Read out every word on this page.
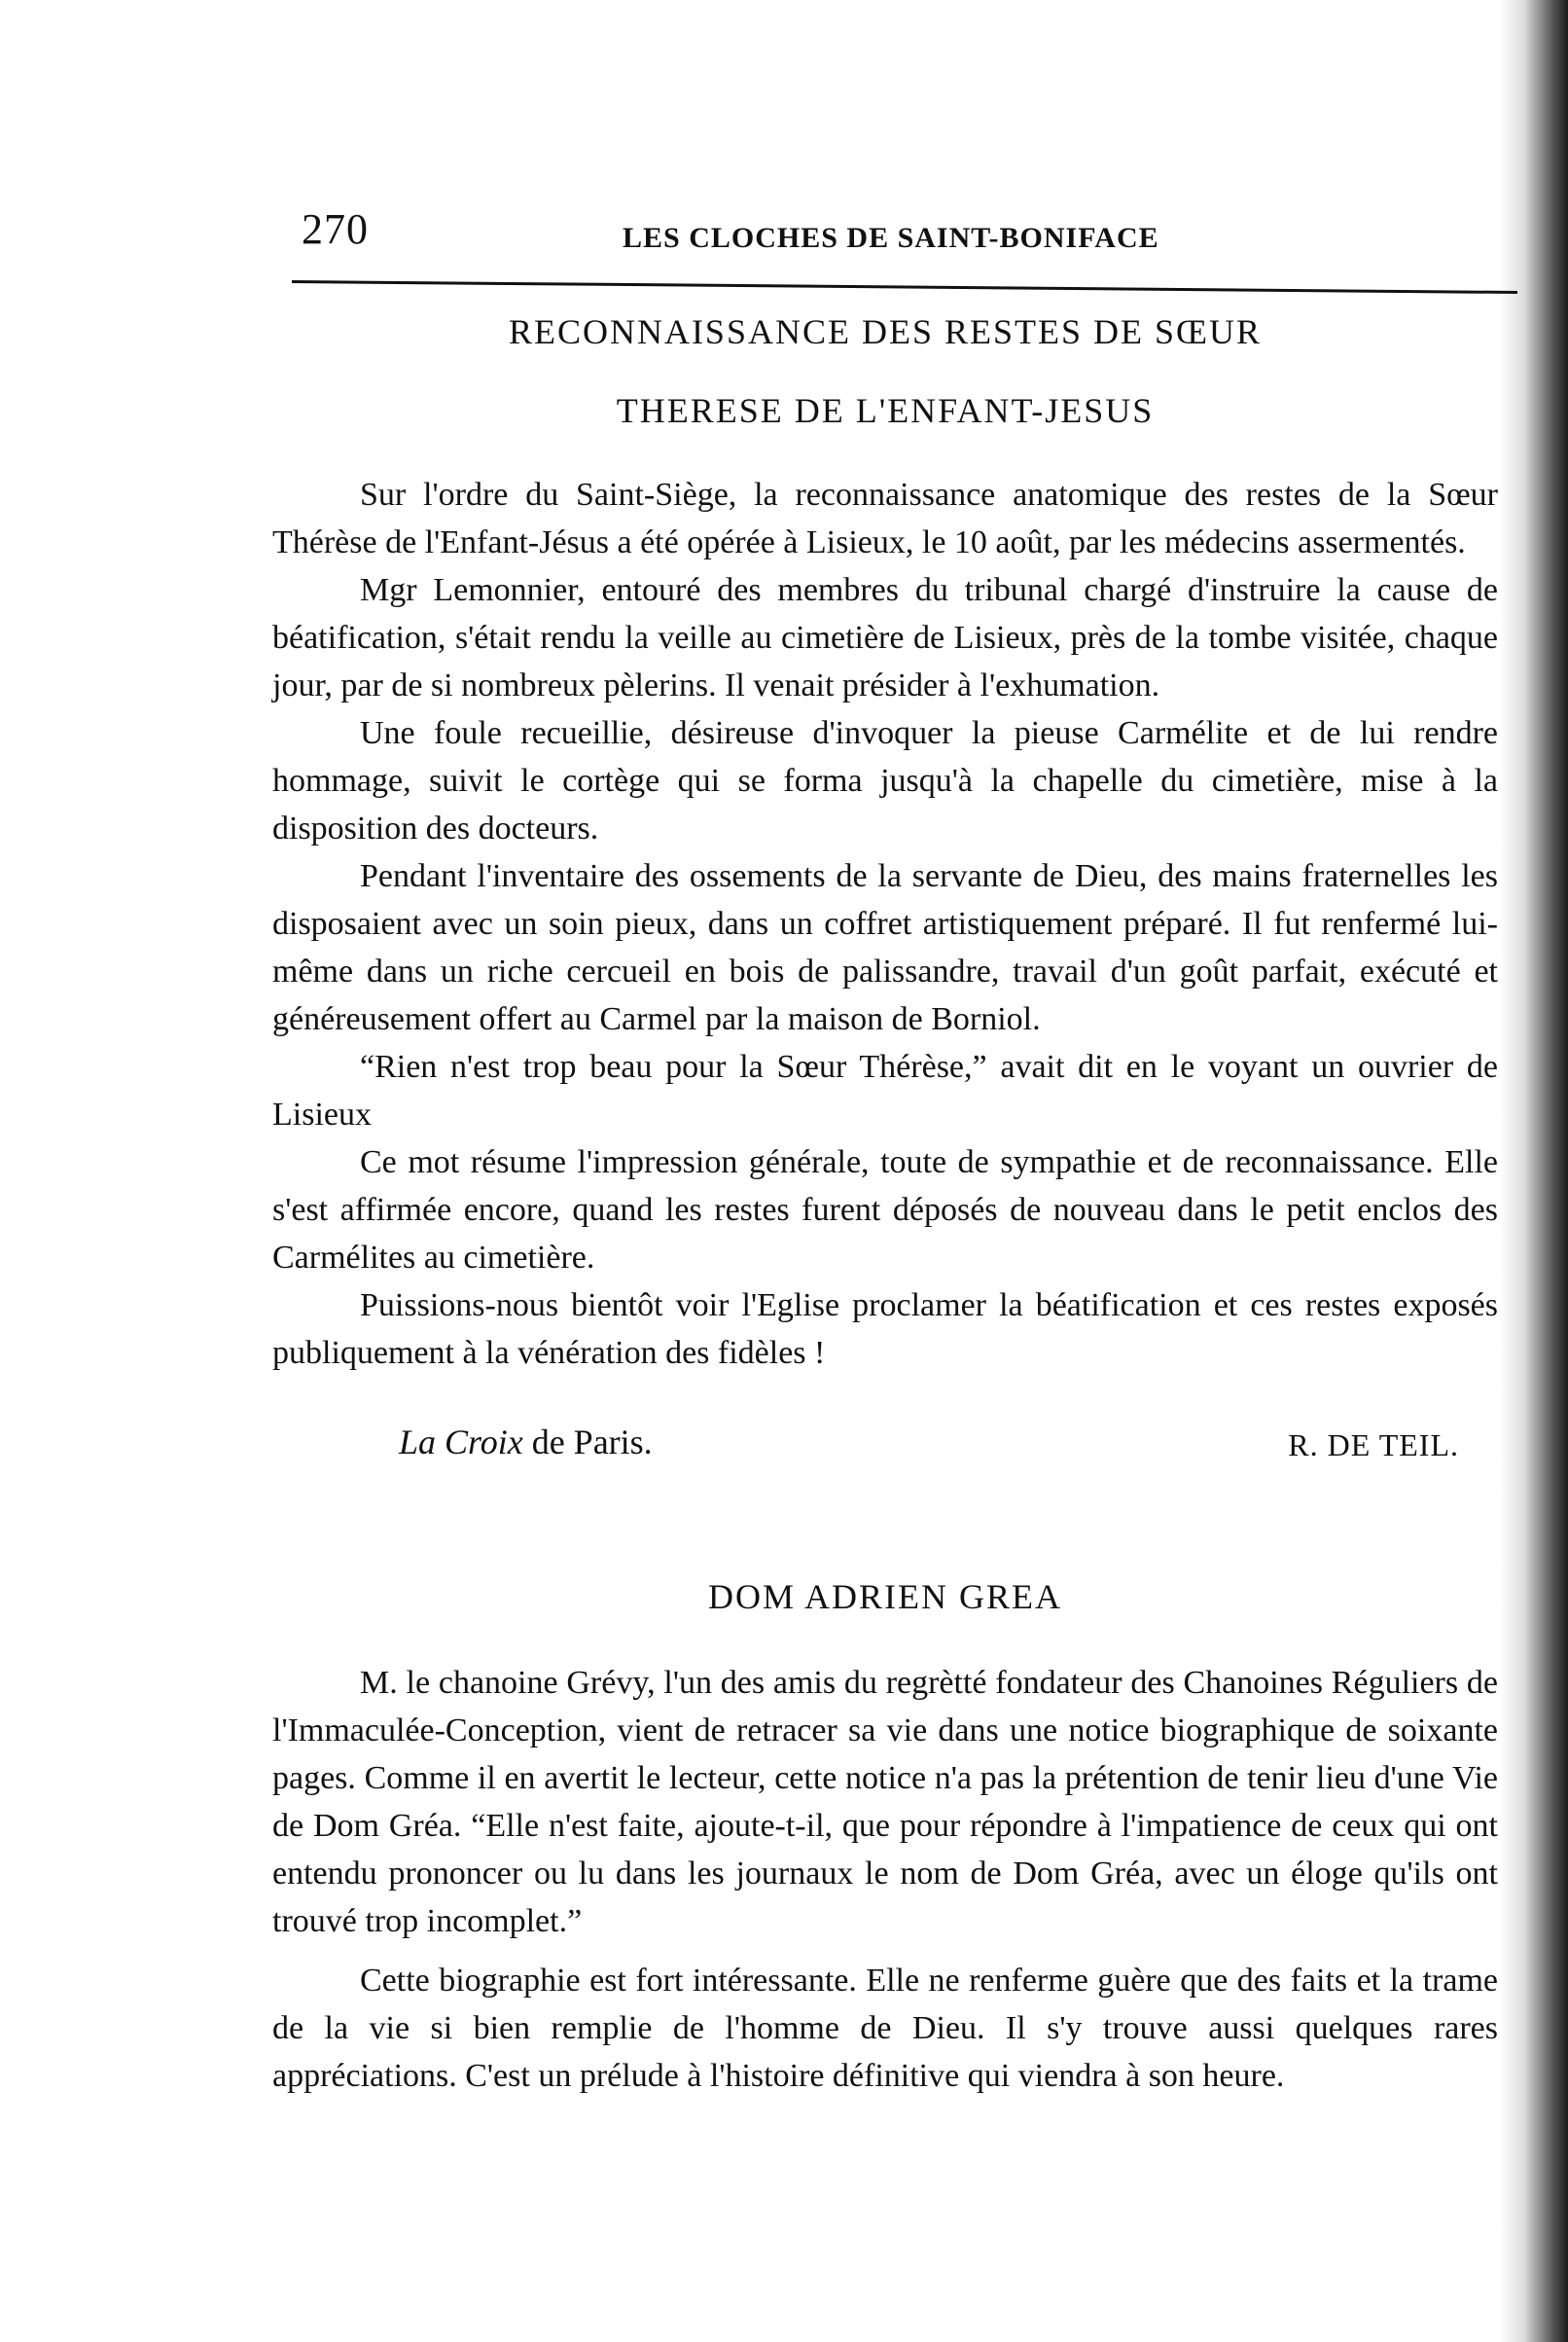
270	LES CLOCHES DE SAINT-BONIFACE
RECONNAISSANCE DES RESTES DE SŒUR
THERESE DE L'ENFANT-JESUS

Sur l'ordre du Saint-Siège, la reconnaissance anatomique des restes de la Sœur Thérèse de l'Enfant-Jésus a été opérée à Lisieux, le 10 août, par les médecins assermentés.

Mgr Lemonnier, entouré des membres du tribunal chargé d'instruire la cause de béatification, s'était rendu la veille au cimetière de Lisieux, près de la tombe visitée, chaque jour, par de si nombreux pèlerins. Il venait présider à l'exhumation.

Une foule recueillie, désireuse d'invoquer la pieuse Carmélite et de lui rendre hommage, suivit le cortège qui se forma jusqu'à la chapelle du cimetière, mise à la disposition des docteurs.

Pendant l'inventaire des ossements de la servante de Dieu, des mains fraternelles les disposaient avec un soin pieux, dans un coffret artistiquement préparé. Il fut renfermé lui-même dans un riche cercueil en bois de palissandre, travail d'un goût parfait, exécuté et généreusement offert au Carmel par la maison de Borniol.

“Rien n'est trop beau pour la Sœur Thérèse,” avait dit en le voyant un ouvrier de Lisieux

Ce mot résume l'impression générale, toute de sympathie et de reconnaissance. Elle s'est affirmée encore, quand les restes furent déposés de nouveau dans le petit enclos des Carmélites au cimetière.

Puissions-nous bientôt voir l'Eglise proclamer la béatification et ces restes exposés publiquement à la vénération des fidèles !

La Croix de Paris.	R. DE TEIL.
DOM ADRIEN GREA

M. le chanoine Grévy, l'un des amis du regrètté fondateur des Chanoines Réguliers de l'Immaculée-Conception, vient de retracer sa vie dans une notice biographique de soixante pages. Comme il en avertit le lecteur, cette notice n'a pas la prétention de tenir lieu d'une Vie de Dom Gréa. “Elle n'est faite, ajoute-t-il, que pour répondre à l'impatience de ceux qui ont entendu prononcer ou lu dans les journaux le nom de Dom Gréa, avec un éloge qu'ils ont trouvé trop incomplet.”

Cette biographie est fort intéressante. Elle ne renferme guère que des faits et la trame de la vie si bien remplie de l'homme de Dieu. Il s'y trouve aussi quelques rares appréciations. C'est un prélude à l'histoire définitive qui viendra à son heure.
